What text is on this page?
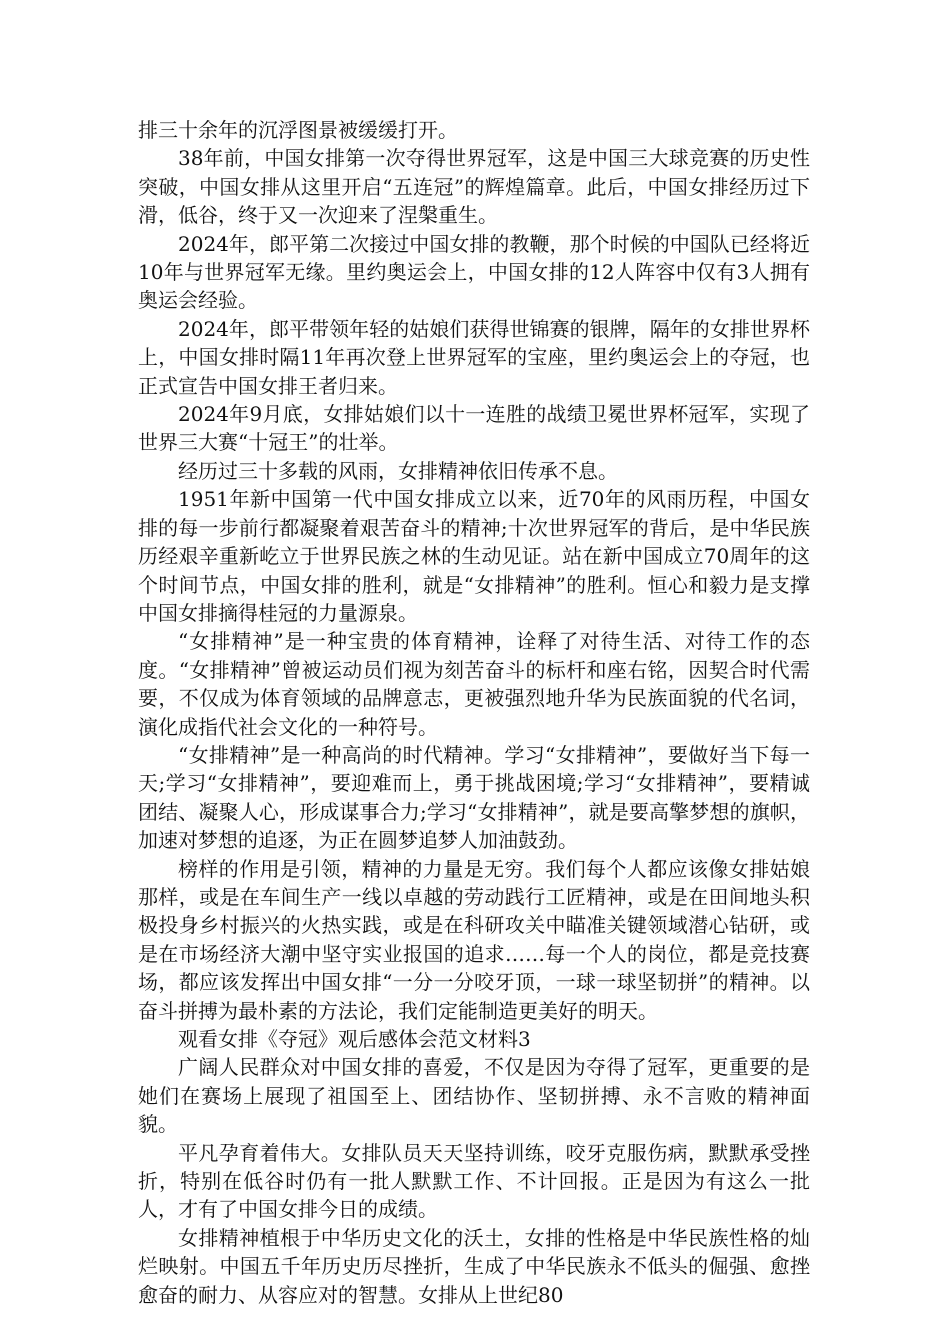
排三十余年的沉浮图景被缓缓打开。

38年前，中国女排第一次夺得世界冠军，这是中国三大球竞赛的历史性突破，中国女排从这里开启“五连冠”的辉煌篇章。此后，中国女排经历过下滑，低谷，终于又一次迎来了涅槃重生。

2024年，郎平第二次接过中国女排的教鞭，那个时候的中国队已经将近10年与世界冠军无缘。里约奥运会上，中国女排的12人阵容中仅有3人拥有奥运会经验。

2024年，郎平带领年轻的姑娘们获得世锦赛的银牌，隔年的女排世界杯上，中国女排时隔11年再次登上世界冠军的宝座，里约奥运会上的夺冠，也正式宣告中国女排王者归来。

2024年9月底，女排姑娘们以十一连胜的战绩卫冕世界杯冠军，实现了世界三大赛“十冠王”的壮举。

经历过三十多载的风雨，女排精神依旧传承不息。

1951年新中国第一代中国女排成立以来，近70年的风雨历程，中国女排的每一步前行都凝聚着艰苦奋斗的精神;十次世界冠军的背后，是中华民族历经艰辛重新屹立于世界民族之林的生动见证。站在新中国成立70周年的这个时间节点，中国女排的胜利，就是“女排精神”的胜利。恒心和毅力是支撑中国女排摘得桂冠的力量源泉。

“女排精神”是一种宝贵的体育精神，诠释了对待生活、对待工作的态度。“女排精神”曾被运动员们视为刻苦奋斗的标杆和座右铭，因契合时代需要，不仅成为体育领域的品牌意志，更被强烈地升华为民族面貌的代名词，演化成指代社会文化的一种符号。

“女排精神”是一种高尚的时代精神。学习“女排精神”，要做好当下每一天;学习“女排精神”，要迎难而上，勇于挑战困境;学习“女排精神”，要精诚团结、凝聚人心，形成谋事合力;学习“女排精神”，就是要高擎梦想的旗帜，加速对梦想的追逐，为正在圆梦追梦人加油鼓劲。

榜样的作用是引领，精神的力量是无穷。我们每个人都应该像女排姑娘那样，或是在车间生产一线以卓越的劳动践行工匠精神，或是在田间地头积极投身乡村振兴的火热实践，或是在科研攻关中瞄准关键领域潜心钻研，或是在市场经济大潮中坚守实业报国的追求……每一个人的岗位，都是竞技赛场，都应该发挥出中国女排“一分一分咬牙顶，一球一球坚韧拼”的精神。以奋斗拼搏为最朴素的方法论，我们定能制造更美好的明天。

观看女排《夺冠》观后感体会范文材料3

广阔人民群众对中国女排的喜爱，不仅是因为夺得了冠军，更重要的是她们在赛场上展现了祖国至上、团结协作、坚韧拼搏、永不言败的精神面貌。

平凡孕育着伟大。女排队员天天坚持训练，咬牙克服伤病，默默承受挫折，特别在低谷时仍有一批人默默工作、不计回报。正是因为有这么一批人，才有了中国女排今日的成绩。

女排精神植根于中华历史文化的沃土，女排的性格是中华民族性格的灿烂映射。中国五千年历史历尽挫折，生成了中华民族永不低头的倔强、愈挫愈奋的耐力、从容应对的智慧。女排从上世纪80
